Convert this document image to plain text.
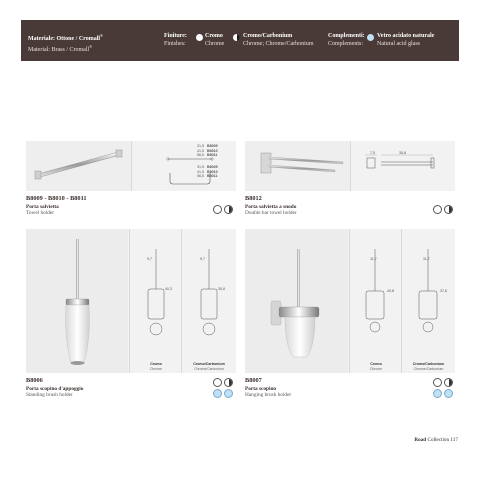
Materiale: Ottone / Cromall®
Material: Brass / Cromall®
Finiture:
Finishes:
Cromo
Chrome
Cromo/Carbonium
Chrome; Chrome/Carbonium
Complementi:
Complements:
Vetro acidato naturale
Natural acid glass
31,5 B8009
41,5 B8010
56,5 B8011
31,5 B8009
41,5 B8010
56,5 B8011
B8009 - B8010 - B8011
Porta salvietta
Towel holder
7,5	35,8
B8012
Porta salvietta a snodo
Double bar towel holder
9,7	9,7
40,3	35,8
Cromo
Chrome
Cromo/Carbonium
Chrome/Carbonium
B8006
Porta scopino d'appoggio
Standing brush holder
11,7	11,7
40,8	37,6
Cromo
Chrome
Cromo/Carbonium
Chrome/Carbonium
B8007
Porta scopino
Hanging brush holder
Road Collection 117
